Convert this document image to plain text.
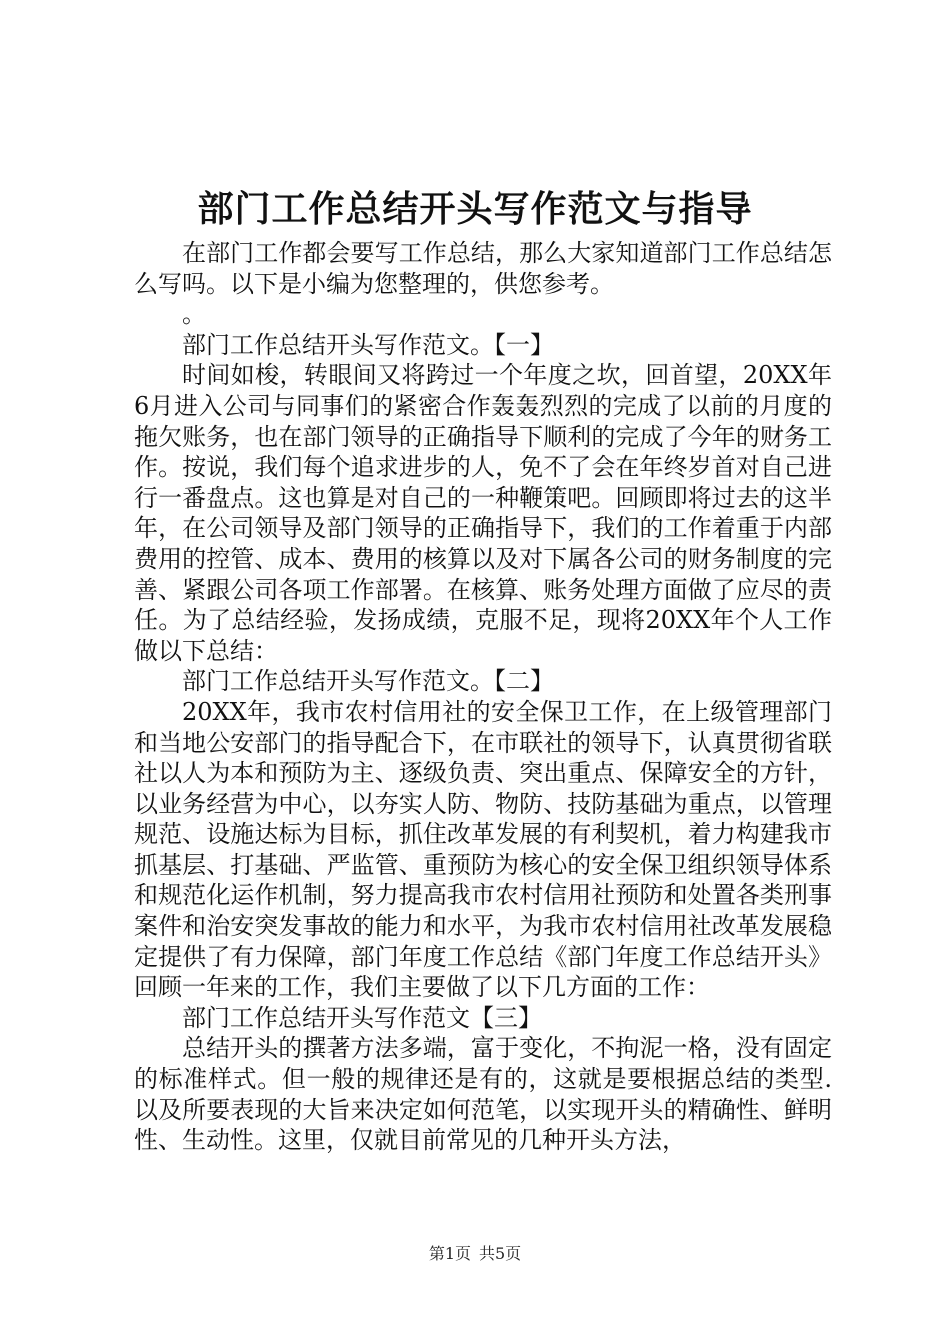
部门工作总结开头写作范文与指导

在部门工作都会要写工作总结，那么大家知道部门工作总结怎么写吗。以下是小编为您整理的，供您参考。

。

部门工作总结开头写作范文。【一】

时间如梭，转眼间又将跨过一个年度之坎，回首望，20XX年6月进入公司与同事们的紧密合作轰轰烈烈的完成了以前的月度的拖欠账务，也在部门领导的正确指导下顺利的完成了今年的财务工作。按说，我们每个追求进步的人，免不了会在年终岁首对自己进行一番盘点。这也算是对自己的一种鞭策吧。回顾即将过去的这半年，在公司领导及部门领导的正确指导下，我们的工作着重于内部费用的控管、成本、费用的核算以及对下属各公司的财务制度的完善、紧跟公司各项工作部署。在核算、账务处理方面做了应尽的责任。为了总结经验，发扬成绩，克服不足，现将20XX年个人工作做以下总结：

部门工作总结开头写作范文。【二】

20XX年，我市农村信用社的安全保卫工作，在上级管理部门和当地公安部门的指导配合下，在市联社的领导下，认真贯彻省联社以人为本和预防为主、逐级负责、突出重点、保障安全的方针，以业务经营为中心，以夯实人防、物防、技防基础为重点，以管理规范、设施达标为目标，抓住改革发展的有利契机，着力构建我市抓基层、打基础、严监管、重预防为核心的安全保卫组织领导体系和规范化运作机制，努力提高我市农村信用社预防和处置各类刑事案件和治安突发事故的能力和水平，为我市农村信用社改革发展稳定提供了有力保障，部门年度工作总结《部门年度工作总结开头》回顾一年来的工作，我们主要做了以下几方面的工作：

部门工作总结开头写作范文【三】

总结开头的撰著方法多端，富于变化，不拘泥一格，没有固定的标准样式。但一般的规律还是有的，这就是要根据总结的类型.以及所要表现的大旨来决定如何范笔，以实现开头的精确性、鲜明性、生动性。这里，仅就目前常见的几种开头方法，

第1页 共5页
